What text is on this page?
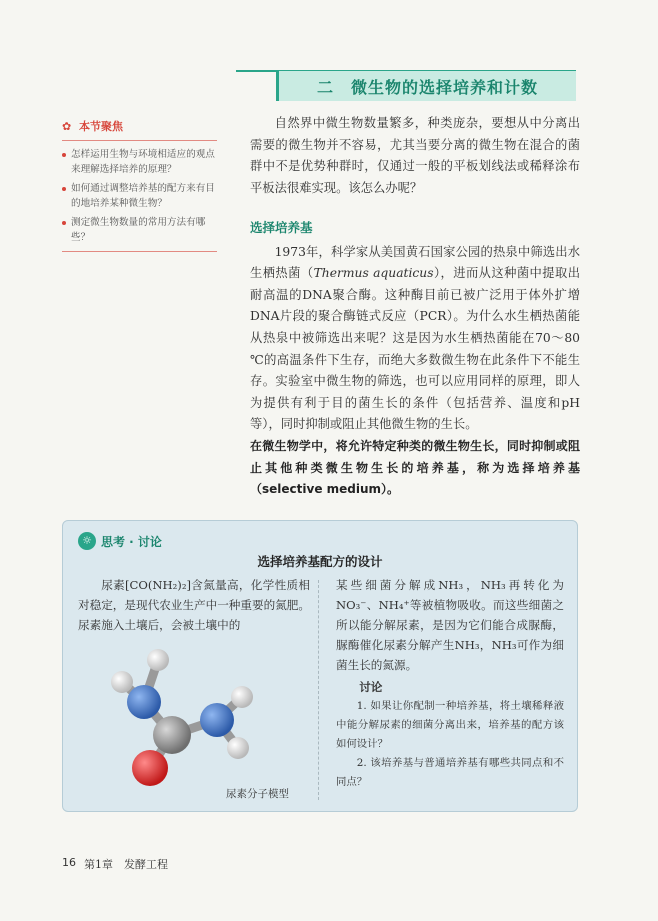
二　微生物的选择培养和计数
✿ 本节聚焦
怎样运用生物与环境相适应的观点来理解选择培养的原理？
如何通过调整培养基的配方来有目的地培养某种微生物？
测定微生物数量的常用方法有哪些？

自然界中微生物数量繁多，种类庞杂，要想从中分离出需要的微生物并不容易，尤其当要分离的微生物在混合的菌群中不是优势种群时，仅通过一般的平板划线法或稀释涂布平板法很难实现。该怎么办呢？

选择培养基

1973年，科学家从美国黄石国家公园的热泉中筛选出水生栖热菌（Thermus aquaticus），进而从这种菌中提取出耐高温的DNA聚合酶。这种酶目前已被广泛用于体外扩增DNA片段的聚合酶链式反应（PCR）。为什么水生栖热菌能从热泉中被筛选出来呢？这是因为水生栖热菌能在70～80 ℃的高温条件下生存，而绝大多数微生物在此条件下不能生存。实验室中微生物的筛选，也可以应用同样的原理，即人为提供有利于目的菌生长的条件（包括营养、温度和pH等），同时抑制或阻止其他微生物的生长。

在微生物学中，将允许特定种类的微生物生长，同时抑制或阻止其他种类微生物生长的培养基，称为选择培养基（selective medium）。

☼ 思考 · 讨论
选择培养基配方的设计

尿素[CO(NH₂)₂]含氮量高，化学性质相对稳定，是现代农业生产中一种重要的氮肥。尿素施入土壤后，会被土壤中的

尿素分子模型

某些细菌分解成NH₃，NH₃再转化为NO₃⁻、NH₄⁺等被植物吸收。而这些细菌之所以能分解尿素，是因为它们能合成脲酶，脲酶催化尿素分解产生NH₃，NH₃可作为细菌生长的氮源。

讨论

1. 如果让你配制一种培养基，将土壤稀释液中能分解尿素的细菌分离出来，培养基的配方该如何设计？

2. 该培养基与普通培养基有哪些共同点和不同点？

16 第1章　发酵工程
